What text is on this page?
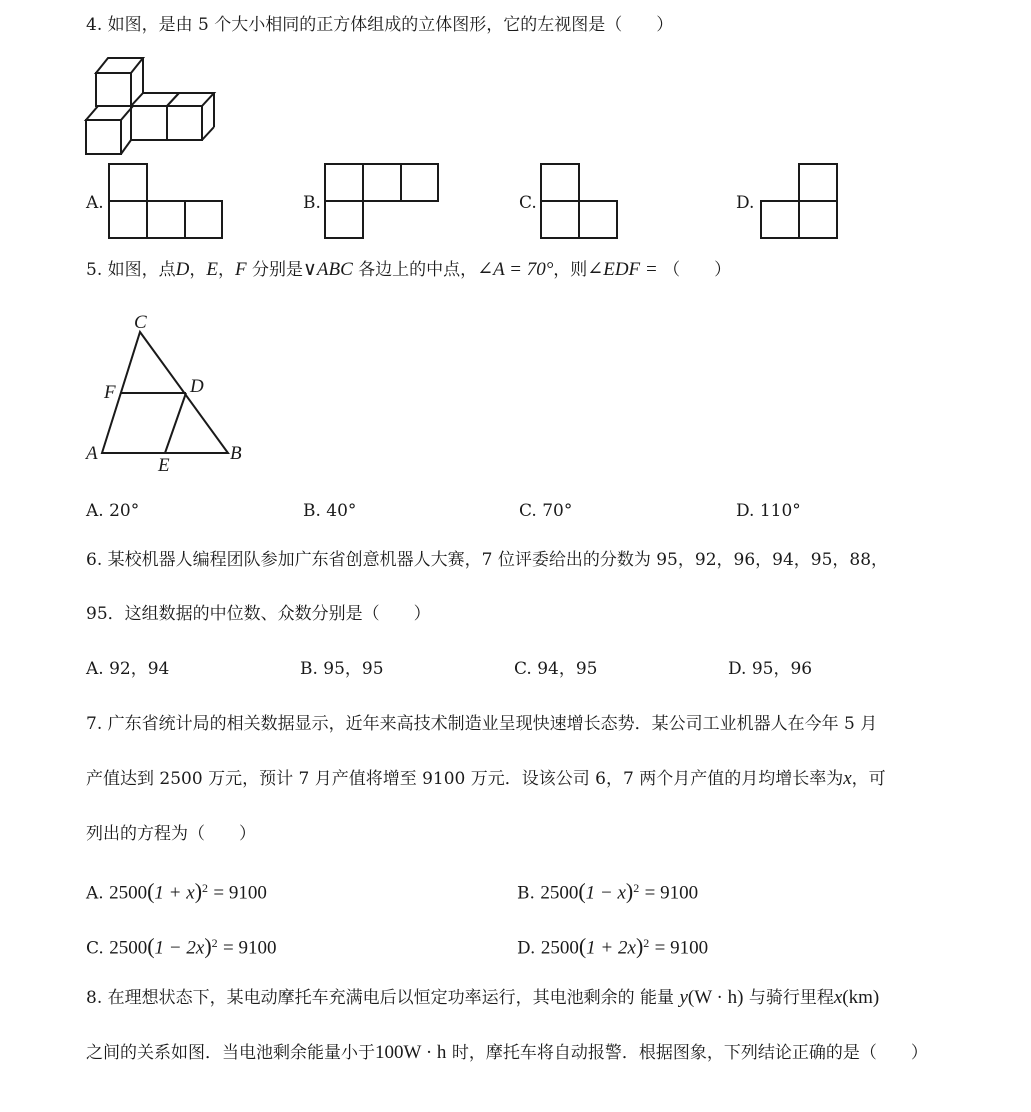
4. 如图，是由 5 个大小相同的正方体组成的立体图形，它的左视图是（　　）
A.	B.	C.	D.
5. 如图，点D，E，F 分别是∨ABC 各边上的中点，∠A = 70°，则∠EDF = （　　）
C
F	D
A
E
B
A. 20°	B. 40°	C. 70°	D. 110°
6. 某校机器人编程团队参加广东省创意机器人大赛，7 位评委给出的分数为 95，92，96，94，95，88，
95．这组数据的中位数、众数分别是（　　）
A. 92，94	B. 95，95	C. 94，95	D. 95，96
7. 广东省统计局的相关数据显示，近年来高技术制造业呈现快速增长态势．某公司工业机器人在今年 5 月
产值达到 2500 万元，预计 7 月产值将增至 9100 万元．设该公司 6，7 两个月产值的月均增长率为x，可
列出的方程为（　　）
A. $2500(1 + x)^2 = 9100$	B. $2500(1 - x)^2 = 9100$
C. $2500(1 - 2x)^2 = 9100$	D. $2500(1 + 2x)^2 = 9100$
8. 在理想状态下，某电动摩托车充满电后以恒定功率运行，其电池剩余的 能量 y(W · h) 与骑行里程x(km)
之间的关系如图．当电池剩余能量小于100W · h 时，摩托车将自动报警．根据图象，下列结论正确的是（　　）
